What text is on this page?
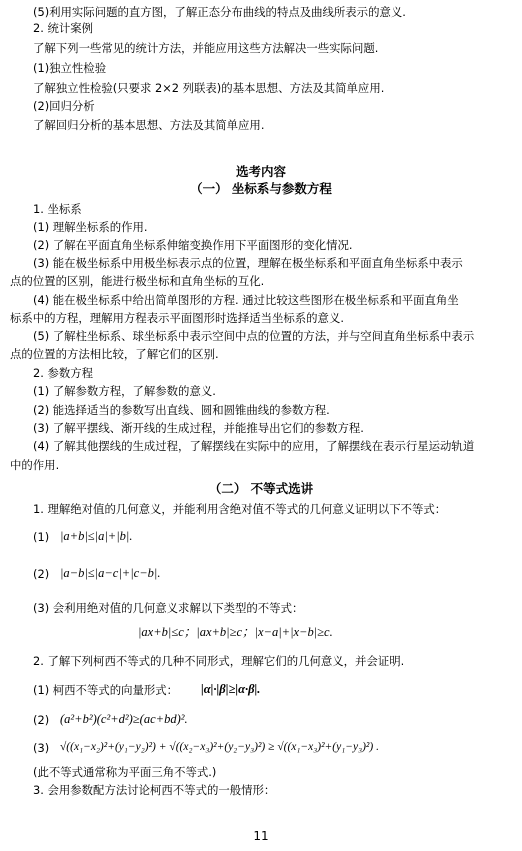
(5)利用实际问题的直方图，了解正态分布曲线的特点及曲线所表示的意义.
2. 统计案例
了解下列一些常见的统计方法，并能应用这些方法解决一些实际问题.
(1)独立性检验
了解独立性检验(只要求 2×2 列联表)的基本思想、方法及其简单应用.
(2)回归分析
了解回归分析的基本思想、方法及其简单应用.
选考内容
（一） 坐标系与参数方程
1. 坐标系
(1) 理解坐标系的作用.
(2) 了解在平面直角坐标系伸缩变换作用下平面图形的变化情况.
(3) 能在极坐标系中用极坐标表示点的位置，理解在极坐标系和平面直角坐标系中表示
点的位置的区别，能进行极坐标和直角坐标的互化.
(4) 能在极坐标系中给出简单图形的方程. 通过比较这些图形在极坐标系和平面直角坐
标系中的方程，理解用方程表示平面图形时选择适当坐标系的意义.
(5) 了解柱坐标系、球坐标系中表示空间中点的位置的方法，并与空间直角坐标系中表示
点的位置的方法相比较，了解它们的区别.
2. 参数方程
(1) 了解参数方程，了解参数的意义.
(2) 能选择适当的参数写出直线、圆和圆锥曲线的参数方程.
(3) 了解平摆线、渐开线的生成过程，并能推导出它们的参数方程.
(4) 了解其他摆线的生成过程，了解摆线在实际中的应用，了解摆线在表示行星运动轨道
中的作用.
（二） 不等式选讲
1. 理解绝对值的几何意义，并能利用含绝对值不等式的几何意义证明以下不等式：
(1) |a+b|≤|a|+|b|.
(2) |a−b|≤|a−c|+|c−b|.
(3) 会利用绝对值的几何意义求解以下类型的不等式：
|ax+b|≤c；|ax+b|≥c；|x−a|+|x−b|≥c.
2. 了解下列柯西不等式的几种不同形式，理解它们的几何意义，并会证明.
(1) 柯西不等式的向量形式： |α|·|β|≥|α·β|.
(2) (a²+b²)(c²+d²)≥(ac+bd)².
(3) √((x₁−x₂)²+(y₁−y₂)²) + √((x₂−x₃)²+(y₂−y₃)²) ≥ √((x₁−x₃)²+(y₁−y₃)²) .
(此不等式通常称为平面三角不等式.)
3. 会用参数配方法讨论柯西不等式的一般情形：
11
